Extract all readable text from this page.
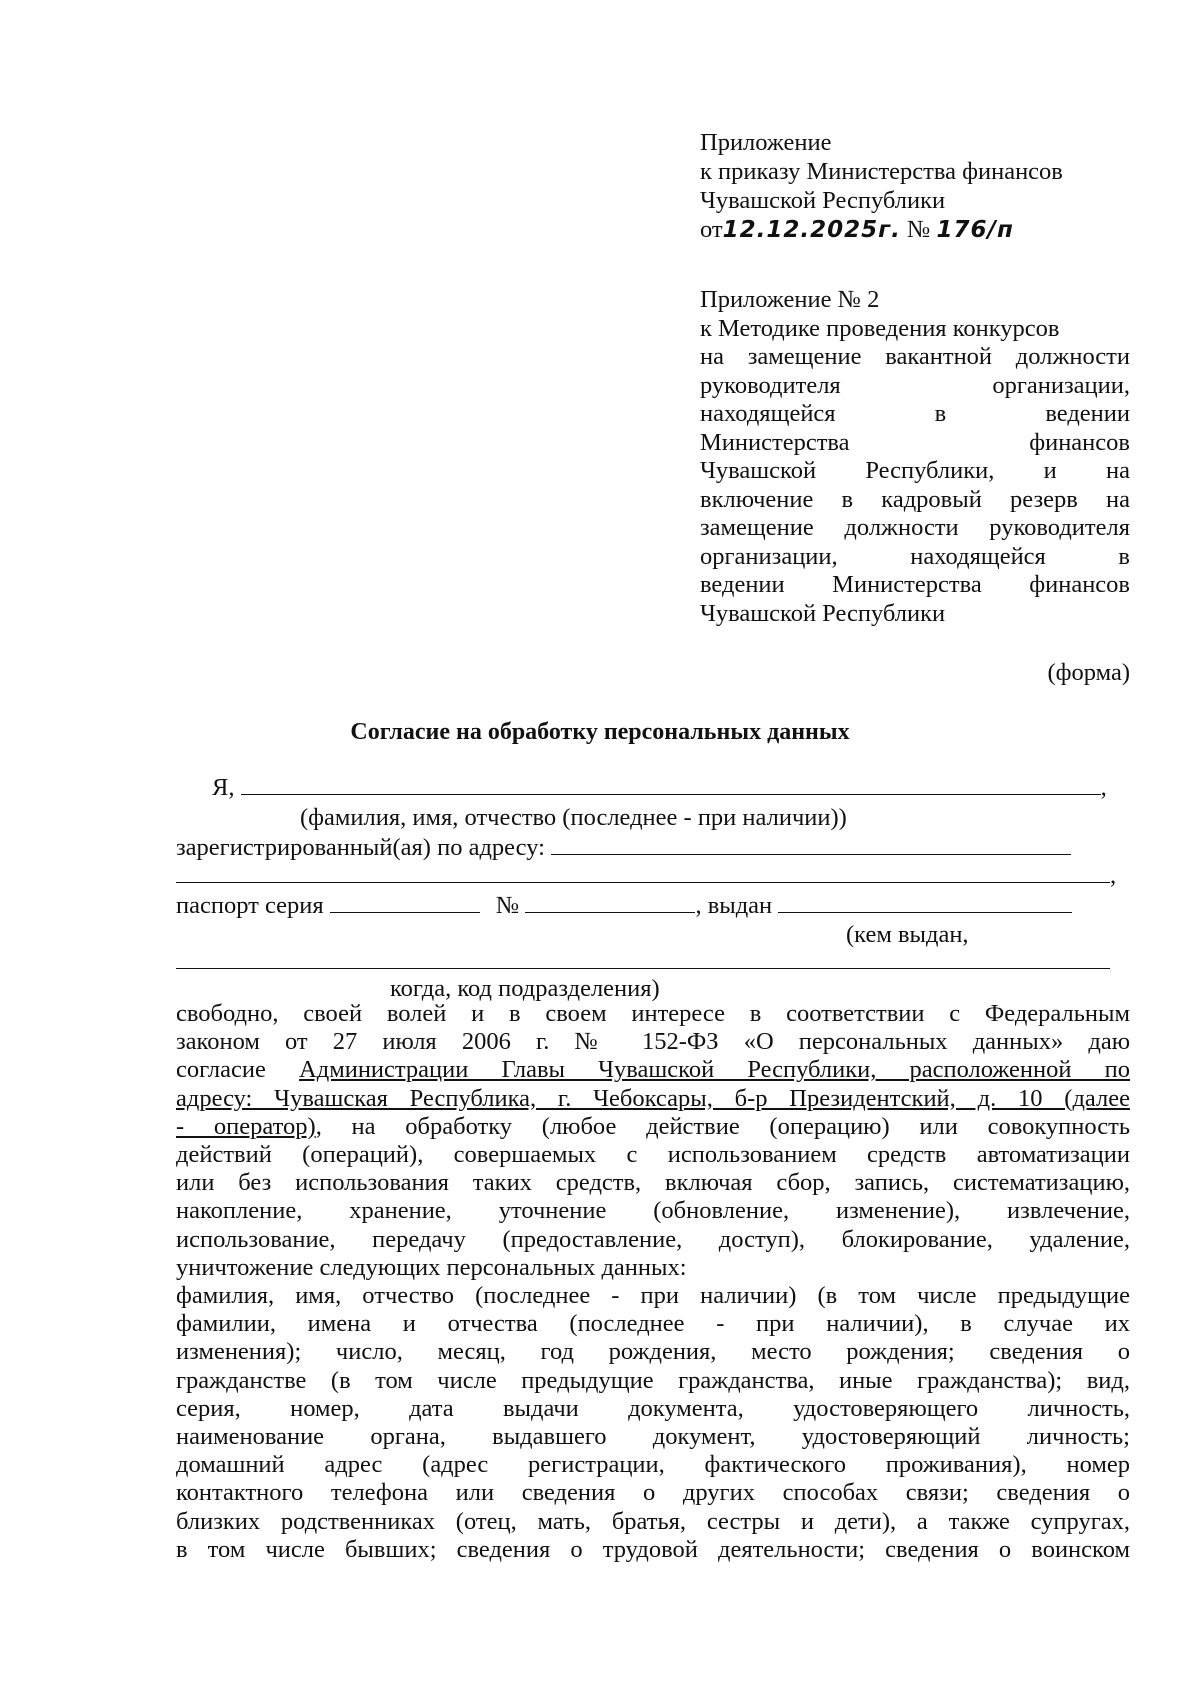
Приложение
к приказу Министерства финансов
Чувашской Республики
от12.12.2025г. № 176/п
Приложение № 2
к Методике проведения конкурсов
на замещение вакантной должности
руководителя организации,
находящейся в ведении
Министерства финансов
Чувашской Республики, и на
включение в кадровый резерв на
замещение должности руководителя
организации, находящейся в
ведении Министерства финансов
Чувашской Республики
(форма)
Согласие на обработку персональных данных
Я,	,
(фамилия, имя, отчество (последнее - при наличии))
зарегистрированный(ая) по адресу:
,
паспорт серия	№	, выдан
(кем выдан,
когда, код подразделения)
свободно, своей волей и в своем интересе в соответствии с Федеральным
законом от 27 июля 2006 г. № 152-ФЗ «О персональных данных» даю
согласие Администрации Главы Чувашской Республики, расположенной по
адресу: Чувашская Республика, г. Чебоксары, б-р Президентский, д. 10 (далее
- оператор), на обработку (любое действие (операцию) или совокупность
действий (операций), совершаемых с использованием средств автоматизации
или без использования таких средств, включая сбор, запись, систематизацию,
накопление, хранение, уточнение (обновление, изменение), извлечение,
использование, передачу (предоставление, доступ), блокирование, удаление,
уничтожение следующих персональных данных:
фамилия, имя, отчество (последнее - при наличии) (в том числе предыдущие
фамилии, имена и отчества (последнее - при наличии), в случае их
изменения); число, месяц, год рождения, место рождения; сведения о
гражданстве (в том числе предыдущие гражданства, иные гражданства); вид,
серия, номер, дата выдачи документа, удостоверяющего личность,
наименование органа, выдавшего документ, удостоверяющий личность;
домашний адрес (адрес регистрации, фактического проживания), номер
контактного телефона или сведения о других способах связи; сведения о
близких родственниках (отец, мать, братья, сестры и дети), а также супругах,
в том числе бывших; сведения о трудовой деятельности; сведения о воинском
